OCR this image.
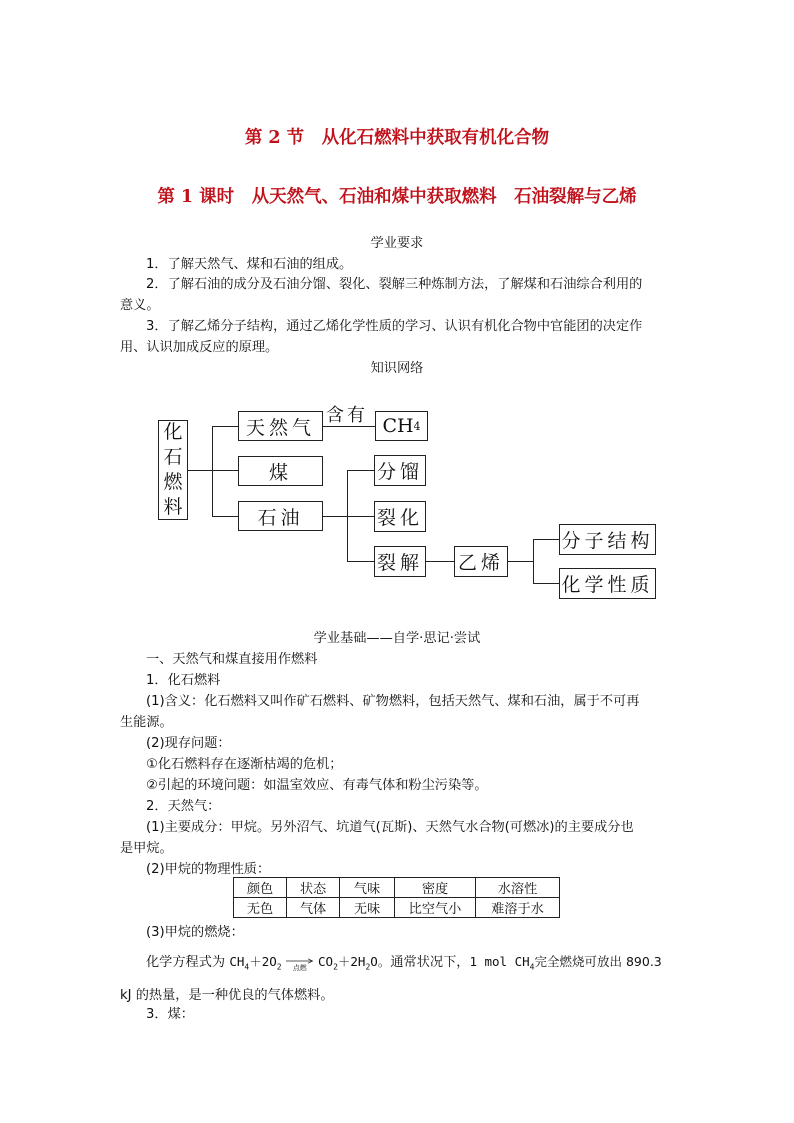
第 2 节　从化石燃料中获取有机化合物
第 1 课时　从天然气、石油和煤中获取燃料　石油裂解与乙烯
学业要求
1．了解天然气、煤和石油的组成。
2．了解石油的成分及石油分馏、裂化、裂解三种炼制方法，了解煤和石油综合利用的
意义。
3．了解乙烯分子结构，通过乙烯化学性质的学习、认识有机化合物中官能团的决定作
用、认识加成反应的原理。
知识网络
化
石
燃
料
天然气
含有 CH 4
煤
石油
分馏
裂化
裂解 乙烯
分子结构
化学性质
学业基础——自学·思记·尝试
一、天然气和煤直接用作燃料
1．化石燃料
(1)含义：化石燃料又叫作矿石燃料、矿物燃料，包括天然气、煤和石油，属于不可再
生能源。
(2)现存问题：
①化石燃料存在逐渐枯竭的危机；
②引起的环境问题：如温室效应、有毒气体和粉尘污染等。
2．天然气：
(1)主要成分：甲烷。另外沼气、坑道气(瓦斯)、天然气水合物(可燃冰)的主要成分也
是甲烷。
(2)甲烷的物理性质：
颜色	状态	气味	密度	水溶性
无色	气体	无味	比空气小	难溶于水
(3)甲烷的燃烧：
化学方程式为 $CH_4+2O_2$	点燃 $CO_2+2H_2O$。通常状况下，1 mol $CH_4$完全燃烧可放出 890.3
kJ 的热量，是一种优良的气体燃料。
3．煤：
